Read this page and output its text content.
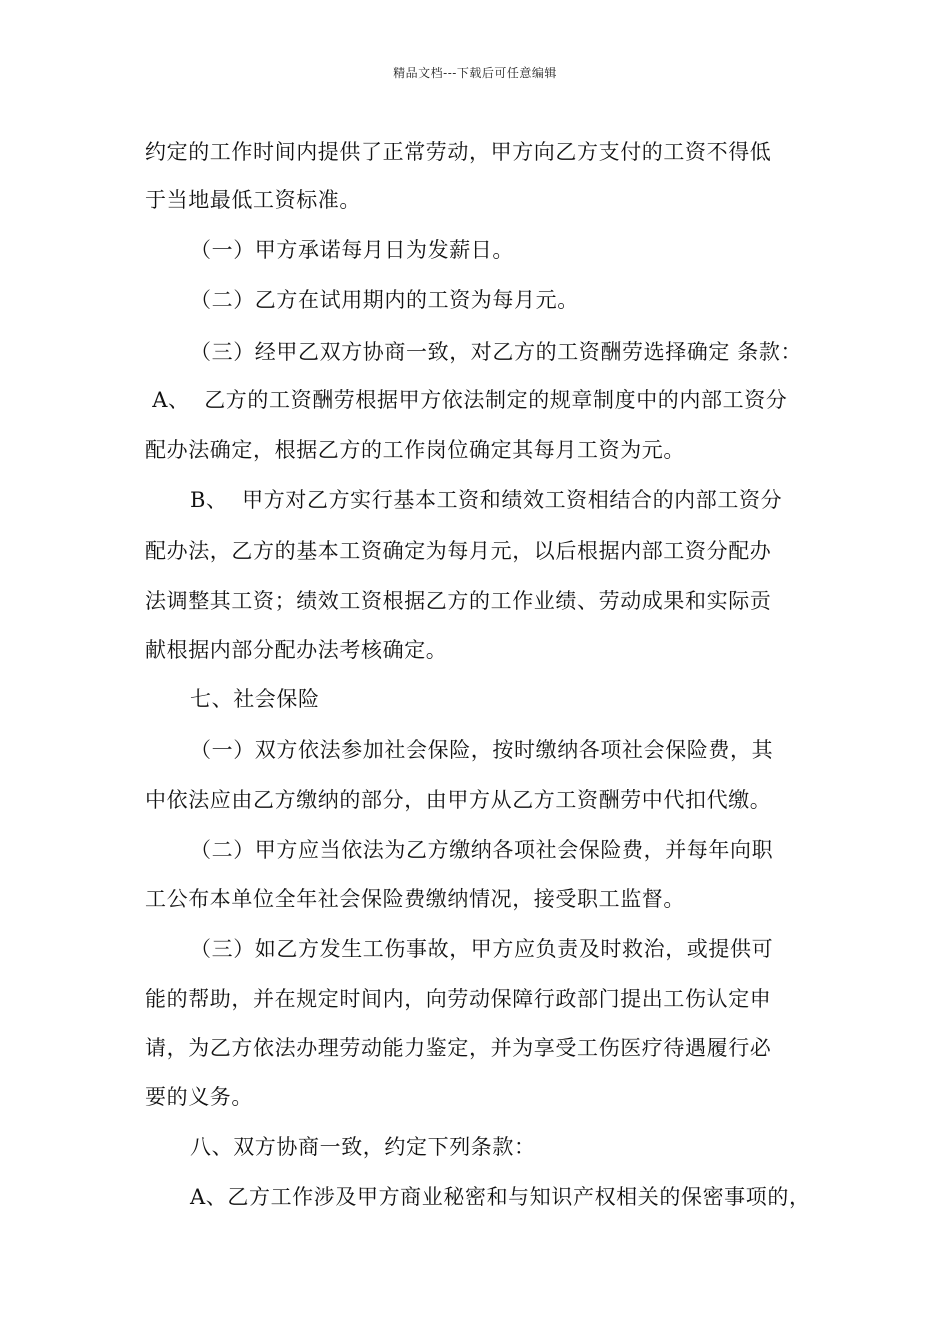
精品文档---下载后可任意编辑
约定的工作时间内提供了正常劳动，甲方向乙方支付的工资不得低
于当地最低工资标准。
（一）甲方承诺每月日为发薪日。
（二）乙方在试用期内的工资为每月元。
（三）经甲乙双方协商一致，对乙方的工资酬劳选择确定 条款：
A、  乙方的工资酬劳根据甲方依法制定的规章制度中的内部工资分
配办法确定，根据乙方的工作岗位确定其每月工资为元。
B、  甲方对乙方实行基本工资和绩效工资相结合的内部工资分
配办法，乙方的基本工资确定为每月元，以后根据内部工资分配办
法调整其工资；绩效工资根据乙方的工作业绩、劳动成果和实际贡
献根据内部分配办法考核确定。
七、社会保险
（一）双方依法参加社会保险，按时缴纳各项社会保险费，其
中依法应由乙方缴纳的部分，由甲方从乙方工资酬劳中代扣代缴。
（二）甲方应当依法为乙方缴纳各项社会保险费，并每年向职
工公布本单位全年社会保险费缴纳情况，接受职工监督。
（三）如乙方发生工伤事故，甲方应负责及时救治，或提供可
能的帮助，并在规定时间内，向劳动保障行政部门提出工伤认定申
请，为乙方依法办理劳动能力鉴定，并为享受工伤医疗待遇履行必
要的义务。
八、双方协商一致，约定下列条款：
A、乙方工作涉及甲方商业秘密和与知识产权相关的保密事项的，
